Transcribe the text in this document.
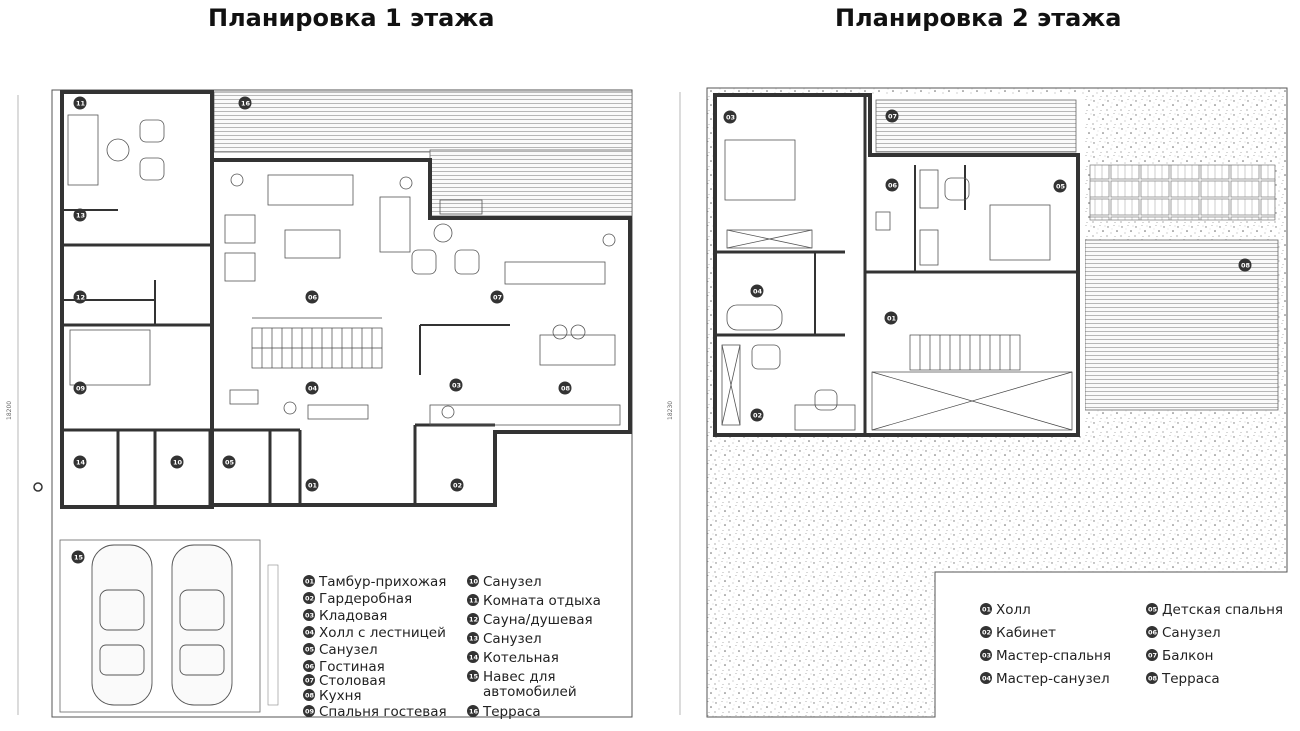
Планировка 1 этажа	Планировка 2 этажа
18200
11	16
13
12
09
06	07
04	03	08
14	10	05
01	02
15
01 Тамбур-прихожая
02 Гардеробная
03 Кладовая
04 Холл с лестницей
05 Санузел
06 Гостиная
07 Столовая
08 Кухня
10 Санузел
11 Комната отдыха
12 Сауна/душевая
13 Санузел
14 Котельная
15 Навес для
автомобилей
16 Терраса
18230
03	07
06	05
04
01
02
08
01 Холл
02 Кабинет
03 Мастер-спальня
04 Мастер-санузел
05 Детская спальня
06 Санузел
07 Балкон
08 Терраса
09 Спальня гостевая
